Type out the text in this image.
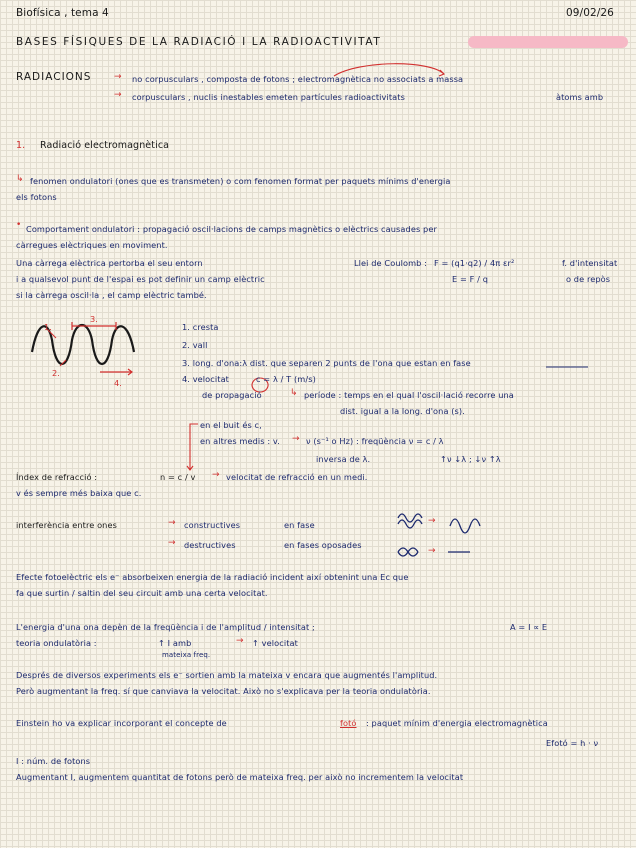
Biofísica , tema 4	09/02/26
BASES FÍSIQUES DE LA RADIACIÓ I LA RADIOACTIVITAT
RADIACIONS	→ no corpusculars , composta de fotons ; electromagnètica no associats a massa
→ corpusculars , nuclis inestables emeten partícules radioactivitats	àtoms amb
1. Radiació electromagnètica
↳ fenomen ondulatori (ones que es transmeten) o com fenomen format per paquets mínims d'energia
els fotons
• Comportament ondulatori : propagació oscil·lacions de camps magnètics o elèctrics causades per
càrregues elèctriques en moviment.
Una càrrega elèctrica pertorba el seu entorn	Llei de Coulomb : F = (q1·q2) / 4π εr²	f. d'intensitat
i a qualsevol punt de l'espai es pot definir un camp elèctric	E = F / q	o de repòs
si la càrrega oscil·la , el camp elèctric també.
1.
2.
3.
4.
1. cresta
2. vall
3. long. d'ona:λ dist. que separen 2 punts de l'ona que estan en fase
4. velocitat	c = λ / T (m/s)
de propagació	↳ període : temps en el qual l'oscil·lació recorre una
dist. igual a la long. d'ona (s).
en el buit és c,
en altres medis : v. → ν (s⁻¹ o Hz) : freqüència ν = c / λ
inversa de λ.	↑ν ↓λ ; ↓ν ↑λ
Índex de refracció :	n = c / v → velocitat de refracció en un medi.
v és sempre més baixa que c.
interferència entre ones	→ constructives	en fase	→
→ destructives	en fases oposades
→
Efecte fotoelèctric els e⁻ absorbeixen energia de la radiació incident així obtenint una Ec que
fa que surtin / saltin del seu circuit amb una certa velocitat.
L'energia d'una ona depèn de la freqüència i de l'amplitud / intensitat ;	A = I ∝ E
teoria ondulatòria :	↑ I amb
mateixa freq.
→ ↑ velocitat
Després de diversos experiments els e⁻ sortien amb la mateixa v encara que augmentés l'amplitud.
Però augmentant la freq. sí que canviava la velocitat. Això no s'explicava per la teoria ondulatòria.
Einstein ho va explicar incorporant el concepte de	fotó : paquet mínim d'energia electromagnètica
Efotó = h · ν
I : núm. de fotons
Augmentant I, augmentem quantitat de fotons però de mateixa freq. per això no incrementem la velocitat
